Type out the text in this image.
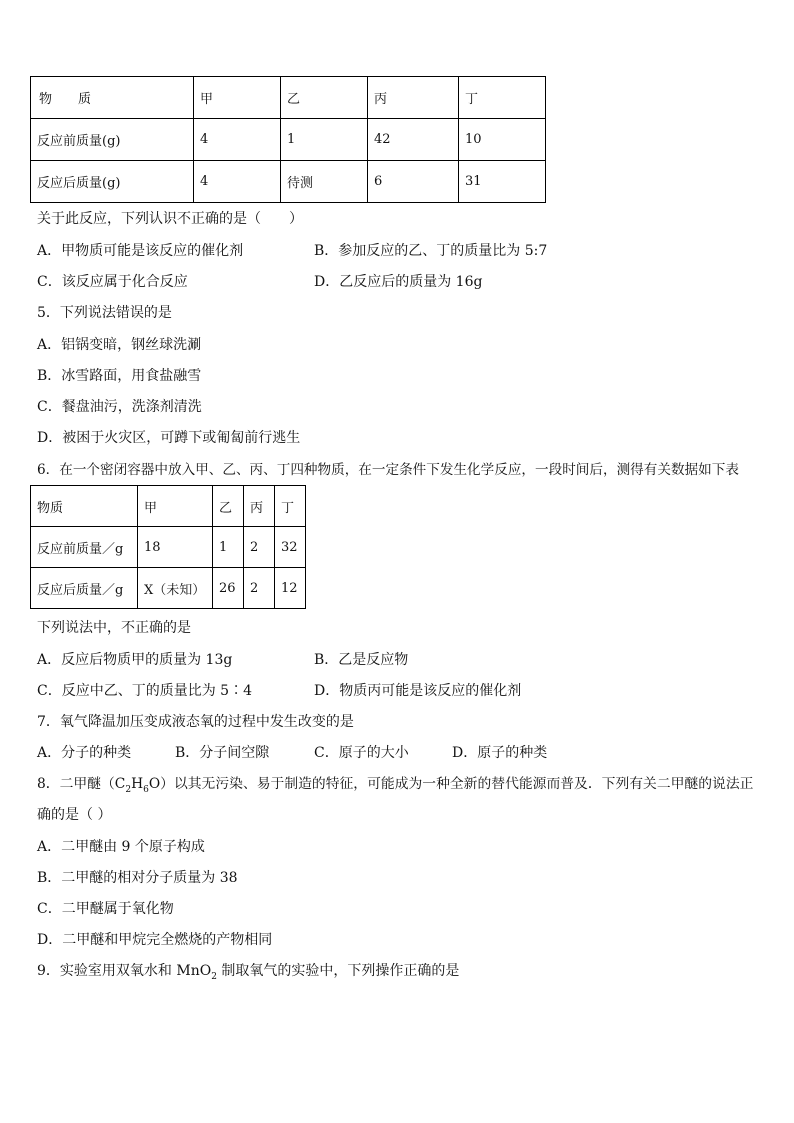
物　　质	甲	乙	丙	丁
反应前质量(g)	4	1	42	10
反应后质量(g)	4	待测	6	31
关于此反应，下列认识不正确的是（　　）
A．甲物质可能是该反应的催化剂	B．参加反应的乙、丁的质量比为 5:7
C．该反应属于化合反应	D．乙反应后的质量为 16g
5．下列说法错误的是
A．铝锅变暗，钢丝球洗涮
B．冰雪路面，用食盐融雪
C．餐盘油污，洗涤剂清洗
D．被困于火灾区，可蹲下或匍匐前行逃生
6．在一个密闭容器中放入甲、乙、丙、丁四种物质，在一定条件下发生化学反应，一段时间后，测得有关数据如下表
物质	甲	乙	丙	丁
反应前质量／g	18	1	2	32
反应后质量／g	X（未知）	26	2	12
下列说法中，不正确的是
A．反应后物质甲的质量为 13g	B．乙是反应物
C．反应中乙、丁的质量比为 5∶4	D．物质丙可能是该反应的催化剂
7．氧气降温加压变成液态氧的过程中发生改变的是
A．分子的种类	B．分子间空隙	C．原子的大小	D．原子的种类
8．二甲醚$(C_2H_6O)$以其无污染、易于制造的特征，可能成为一种全新的替代能源而普及．下列有关二甲醚的说法正
确的是（ ）
A．二甲醚由 9 个原子构成
B．二甲醚的相对分子质量为 38
C．二甲醚属于氧化物
D．二甲醚和甲烷完全燃烧的产物相同
9．实验室用双氧水和 MnO$_2$ 制取氧气的实验中，下列操作正确的是
